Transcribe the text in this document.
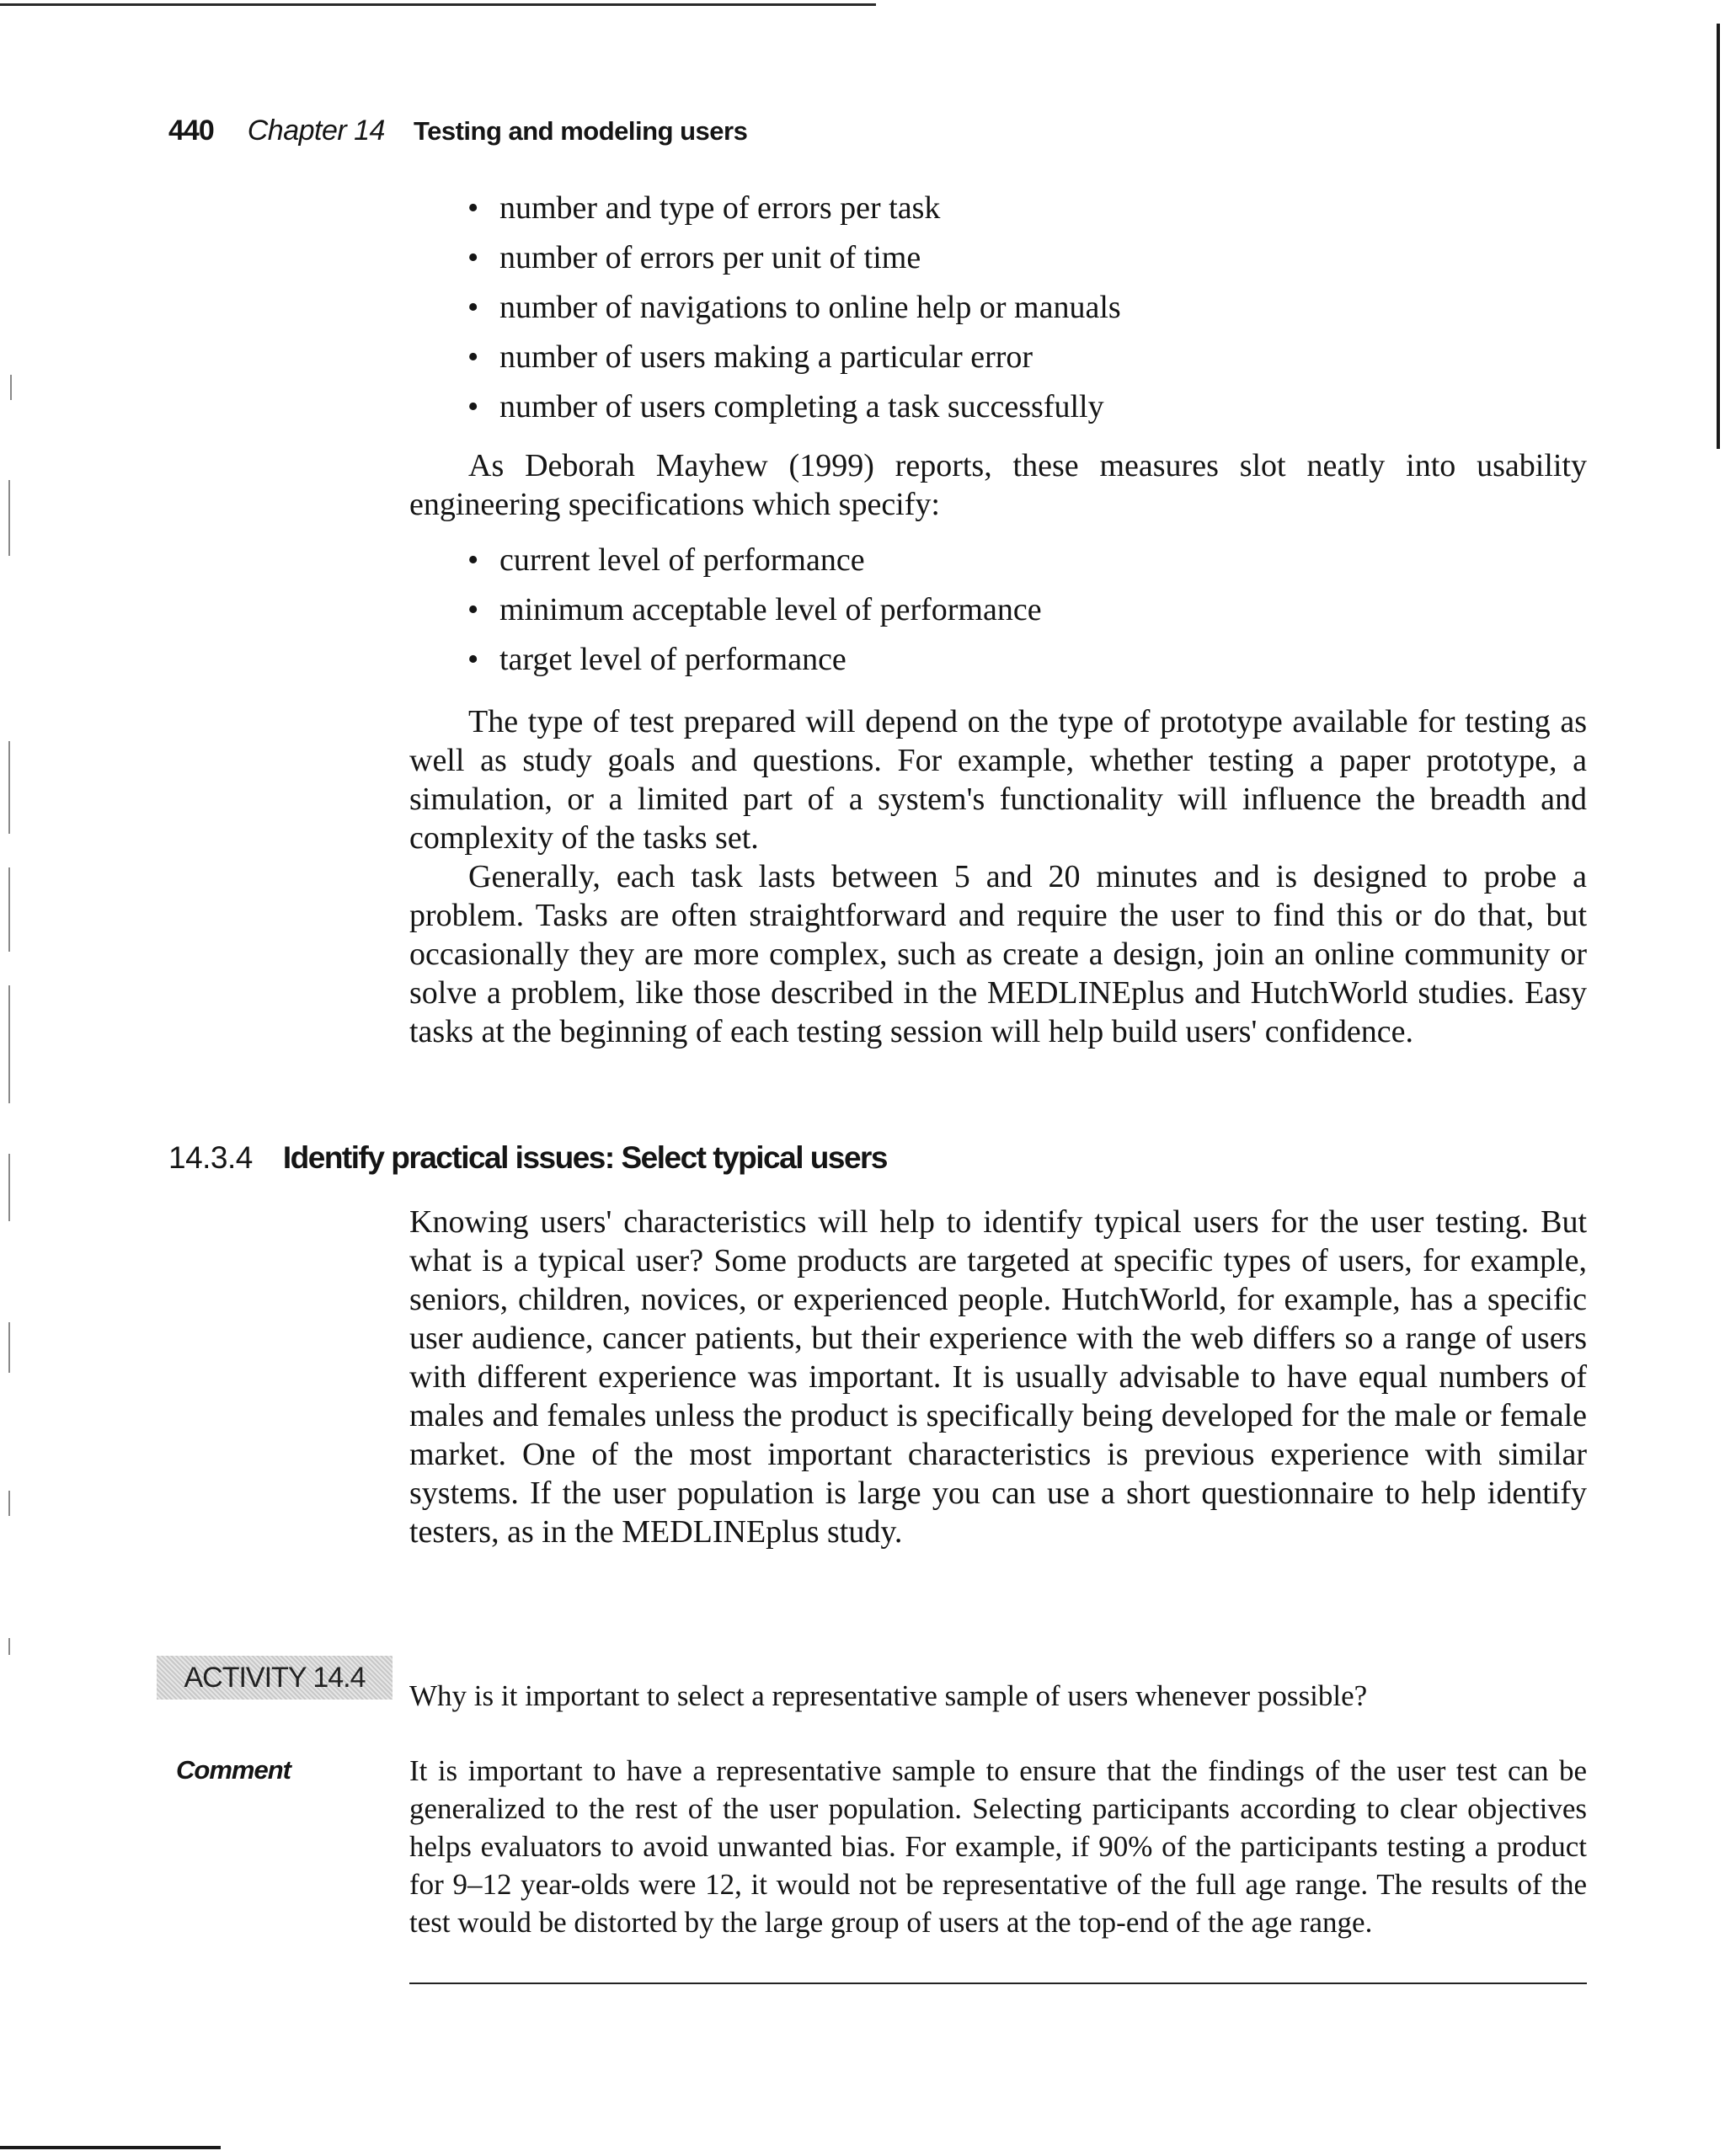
440 Chapter 14 Testing and modeling users
• number and type of errors per task
• number of errors per unit of time
• number of navigations to online help or manuals
• number of users making a particular error
• number of users completing a task successfully

As Deborah Mayhew (1999) reports, these measures slot neatly into usability engineering specifications which specify:

• current level of performance
• minimum acceptable level of performance
• target level of performance

The type of test prepared will depend on the type of prototype available for testing as well as study goals and questions. For example, whether testing a paper prototype, a simulation, or a limited part of a system's functionality will influence the breadth and complexity of the tasks set.

Generally, each task lasts between 5 and 20 minutes and is designed to probe a problem. Tasks are often straightforward and require the user to find this or do that, but occasionally they are more complex, such as create a design, join an online community or solve a problem, like those described in the MEDLINEplus and HutchWorld studies. Easy tasks at the beginning of each testing session will help build users' confidence.

14.3.4 Identify practical issues: Select typical users

Knowing users' characteristics will help to identify typical users for the user testing. But what is a typical user? Some products are targeted at specific types of users, for example, seniors, children, novices, or experienced people. HutchWorld, for example, has a specific user audience, cancer patients, but their experience with the web differs so a range of users with different experience was important. It is usually advisable to have equal numbers of males and females unless the product is specifically being developed for the male or female market. One of the most important characteristics is previous experience with similar systems. If the user population is large you can use a short questionnaire to help identify testers, as in the MEDLINEplus study.

ACTIVITY 14.4
Why is it important to select a representative sample of users whenever possible?
Comment	It is important to have a representative sample to ensure that the findings of the user test can be generalized to the rest of the user population. Selecting participants according to clear objectives helps evaluators to avoid unwanted bias. For example, if 90% of the participants testing a product for 9–12 year-olds were 12, it would not be representative of the full age range. The results of the test would be distorted by the large group of users at the top-end of the age range.
